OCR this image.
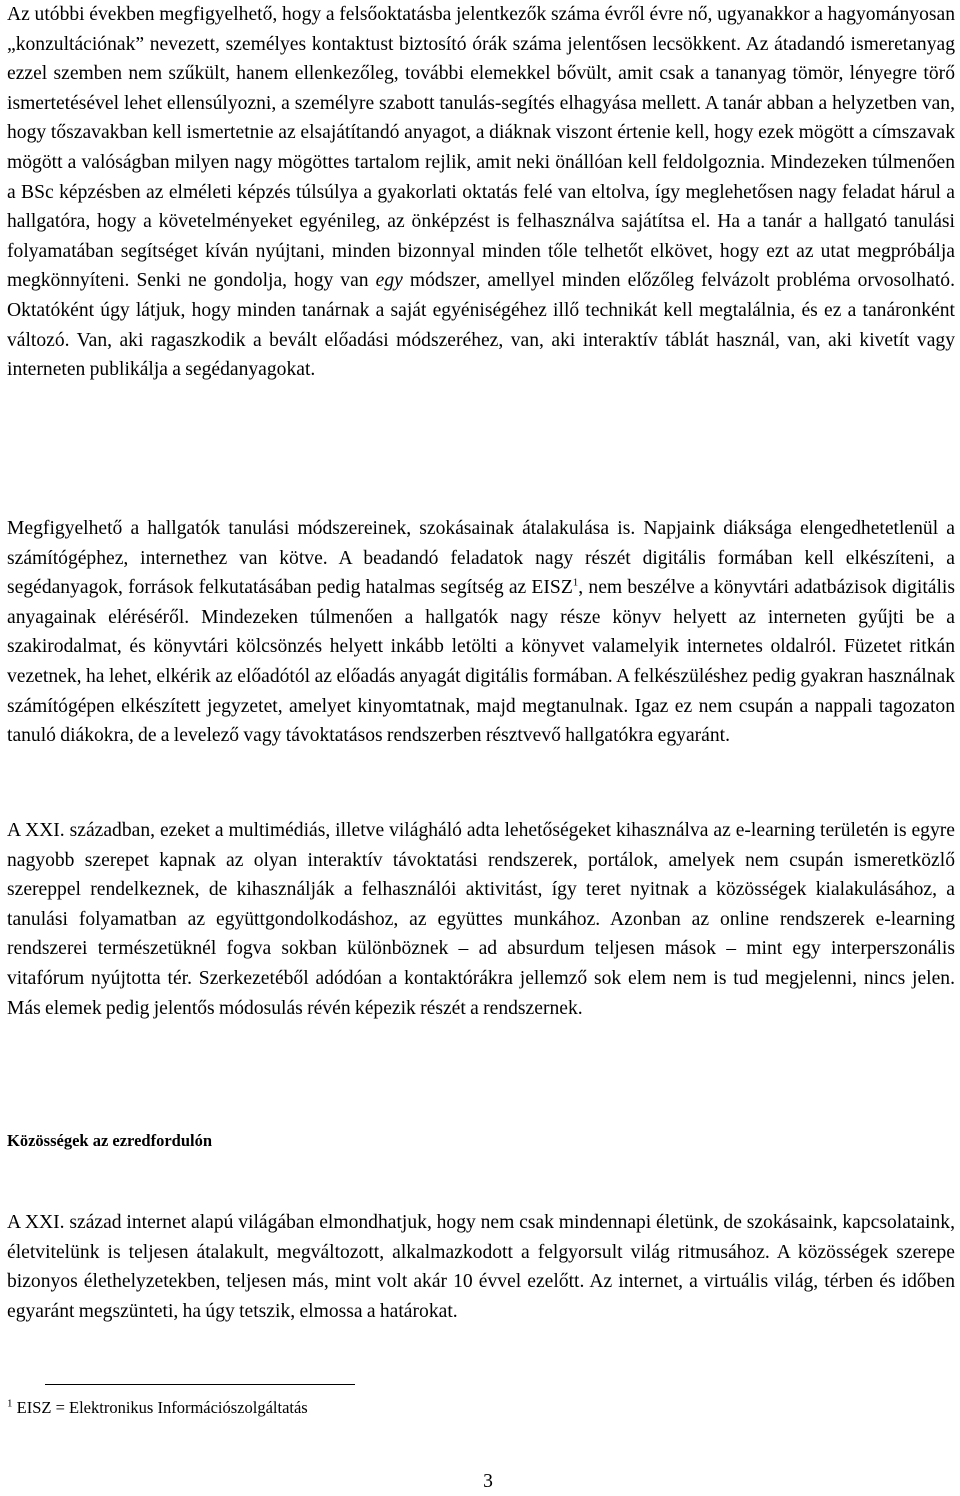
Az utóbbi években megfigyelhető, hogy a felsőoktatásba jelentkezők száma évről évre nő, ugyanakkor a hagyományosan „konzultációnak” nevezett, személyes kontaktust biztosító órák száma jelentősen lecsökkent. Az átadandó ismeretanyag ezzel szemben nem szűkült, hanem ellenkezőleg, további elemekkel bővült, amit csak a tananyag tömör, lényegre törő ismertetésével lehet ellensúlyozni, a személyre szabott tanulás-segítés elhagyása mellett. A tanár abban a helyzetben van, hogy tőszavakban kell ismertetnie az elsajátítandó anyagot, a diáknak viszont értenie kell, hogy ezek mögött a címszavak mögött a valóságban milyen nagy mögöttes tartalom rejlik, amit neki önállóan kell feldolgoznia. Mindezeken túlmenően a BSc képzésben az elméleti képzés túlsúlya a gyakorlati oktatás felé van eltolva, így meglehetősen nagy feladat hárul a hallgatóra, hogy a követelményeket egyénileg, az önképzést is felhasználva sajátítsa el. Ha a tanár a hallgató tanulási folyamatában segítséget kíván nyújtani, minden bizonnyal minden tőle telhetőt elkövet, hogy ezt az utat megpróbálja megkönnyíteni. Senki ne gondolja, hogy van egy módszer, amellyel minden előzőleg felvázolt probléma orvosolható. Oktatóként úgy látjuk, hogy minden tanárnak a saját egyéniségéhez illő technikát kell megtalálnia, és ez a tanáronként változó. Van, aki ragaszkodik a bevált előadási módszeréhez, van, aki interaktív táblát használ, van, aki kivetít vagy interneten publikálja a segédanyagokat.

Megfigyelhető a hallgatók tanulási módszereinek, szokásainak átalakulása is. Napjaink diáksága elengedhetetlenül a számítógéphez, internethez van kötve. A beadandó feladatok nagy részét digitális formában kell elkészíteni, a segédanyagok, források felkutatásában pedig hatalmas segítség az EISZ$^1$, nem beszélve a könyvtári adatbázisok digitális anyagainak eléréséről. Mindezeken túlmenően a hallgatók nagy része könyv helyett az interneten gyűjti be a szakirodalmat, és könyvtári kölcsönzés helyett inkább letölti a könyvet valamelyik internetes oldalról. Füzetet ritkán vezetnek, ha lehet, elkérik az előadótól az előadás anyagát digitális formában. A felkészüléshez pedig gyakran használnak számítógépen elkészített jegyzetet, amelyet kinyomtatnak, majd megtanulnak. Igaz ez nem csupán a nappali tagozaton tanuló diákokra, de a levelező vagy távoktatásos rendszerben résztvevő hallgatókra egyaránt.

A XXI. században, ezeket a multimédiás, illetve világháló adta lehetőségeket kihasználva az e-learning területén is egyre nagyobb szerepet kapnak az olyan interaktív távoktatási rendszerek, portálok, amelyek nem csupán ismeretközlő szereppel rendelkeznek, de kihasználják a felhasználói aktivitást, így teret nyitnak a közösségek kialakulásához, a tanulási folyamatban az együttgondolkodáshoz, az együttes munkához. Azonban az online rendszerek e-learning rendszerei természetüknél fogva sokban különböznek – ad absurdum teljesen mások – mint egy interperszonális vitafórum nyújtotta tér. Szerkezetéből adódóan a kontaktórákra jellemző sok elem nem is tud megjelenni, nincs jelen. Más elemek pedig jelentős módosulás révén képezik részét a rendszernek.

Közösségek az ezredfordulón

A XXI. század internet alapú világában elmondhatjuk, hogy nem csak mindennapi életünk, de szokásaink, kapcsolataink, életvitelünk is teljesen átalakult, megváltozott, alkalmazkodott a felgyorsult világ ritmusához. A közösségek szerepe bizonyos élethelyzetekben, teljesen más, mint volt akár 10 évvel ezelőtt. Az internet, a virtuális világ, térben és időben egyaránt megszünteti, ha úgy tetszik, elmossa a határokat.

$^1$ EISZ = Elektronikus Információszolgáltatás

3
